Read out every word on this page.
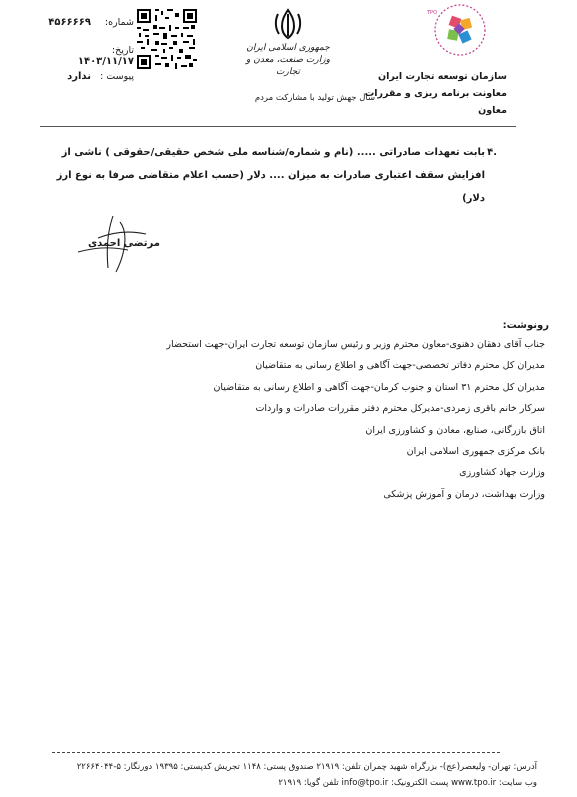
TPO
سازمان توسعه تجارت ایران
معاونت برنامه ریزی و مقررات
معاون
جمهوری اسلامی ایران
وزارت صنعت، معدن و تجارت
سال جهش تولید با مشارکت مردم
شماره: ۴۵۶۶۶۶۹
تاریخ: ۱۴۰۳/۱۱/۱۷
پیوست : ندارد
۴.
بابت تعهدات صادراتی ..... (نام و شماره/شناسه ملی شخص حقیقی/حقوقی ) ناشی از افزایش سقف اعتباری صادرات به میزان .... دلار (حسب اعلام متقاضی صرفا به نوع ارز دلار)
مرتضی احمدی
رونوشت:
جناب آقای دهقان دهنوی-معاون محترم وزیر و رئیس سازمان توسعه تجارت ایران-جهت استحضار
مدیران کل محترم دفاتر تخصصی-جهت آگاهی و اطلاع رسانی به متقاضیان
مدیران کل محترم ۳۱ استان و جنوب کرمان-جهت آگاهی و اطلاع رسانی به متقاضیان
سرکار خانم باقری زمردی-مدیرکل محترم دفتر مقررات صادرات و واردات
اتاق بازرگانی، صنایع، معادن و کشاورزی ایران
بانک مرکزی جمهوری اسلامی ایران
وزارت جهاد کشاورزی
وزارت بهداشت، درمان و آموزش پزشکی
آدرس: تهران- ولیعصر(عج)- بزرگراه شهید چمران تلفن: ۲۱۹۱۹ صندوق پستی: ۱۱۴۸ تجریش کدپستی: ۱۹۳۹۵ دورنگار: ۵-۲۲۶۶۴۰۴۴
وب سایت: www.tpo.ir پست الکترونیک: info@tpo.ir تلفن گویا: ۲۱۹۱۹
